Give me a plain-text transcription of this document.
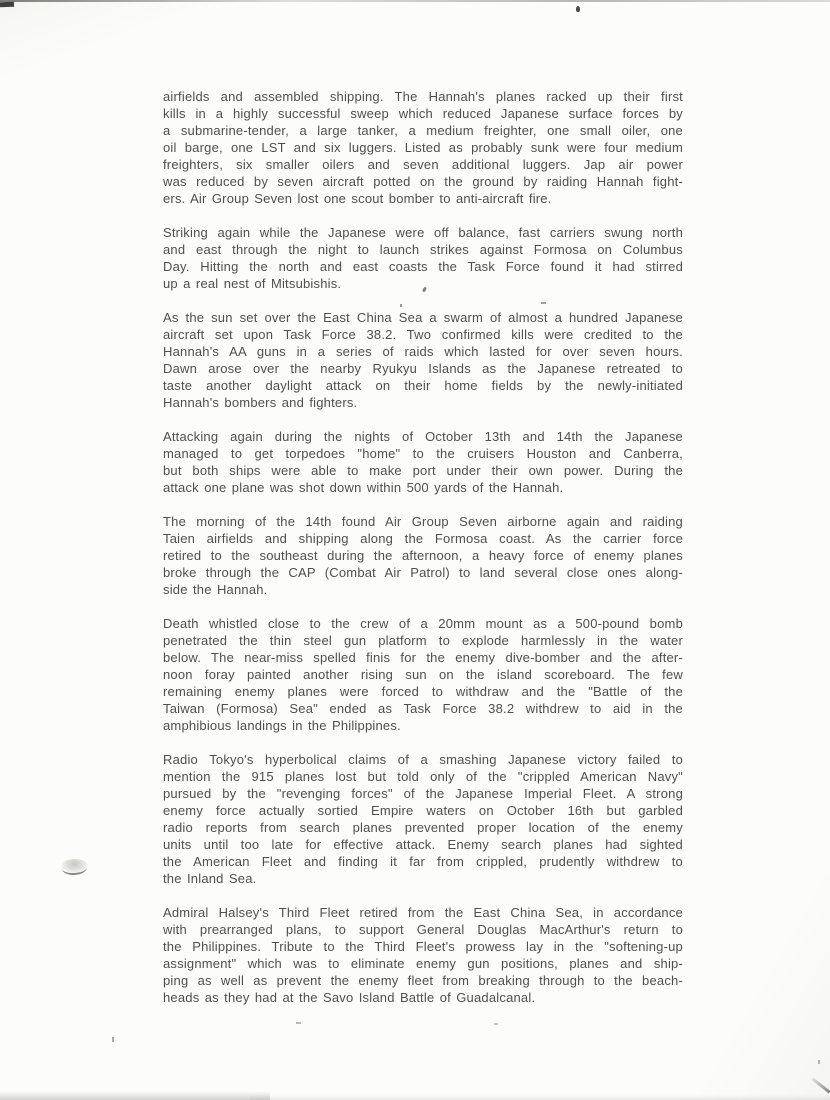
airfields and assembled shipping. The Hannah's planes racked up their first
kills in a highly successful sweep which reduced Japanese surface forces by
a submarine-tender, a large tanker, a medium freighter, one small oiler, one
oil barge, one LST and six luggers. Listed as probably sunk were four medium
freighters, six smaller oilers and seven additional luggers. Jap air power
was reduced by seven aircraft potted on the ground by raiding Hannah fight-
ers. Air Group Seven lost one scout bomber to anti-aircraft fire.

Striking again while the Japanese were off balance, fast carriers swung north
and east through the night to launch strikes against Formosa on Columbus
Day. Hitting the north and east coasts the Task Force found it had stirred
up a real nest of Mitsubishis.

As the sun set over the East China Sea a swarm of almost a hundred Japanese
aircraft set upon Task Force 38.2. Two confirmed kills were credited to the
Hannah's AA guns in a series of raids which lasted for over seven hours.
Dawn arose over the nearby Ryukyu Islands as the Japanese retreated to
taste another daylight attack on their home fields by the newly-initiated
Hannah's bombers and fighters.

Attacking again during the nights of October 13th and 14th the Japanese
managed to get torpedoes "home" to the cruisers Houston and Canberra,
but both ships were able to make port under their own power. During the
attack one plane was shot down within 500 yards of the Hannah.

The morning of the 14th found Air Group Seven airborne again and raiding
Taien airfields and shipping along the Formosa coast. As the carrier force
retired to the southeast during the afternoon, a heavy force of enemy planes
broke through the CAP (Combat Air Patrol) to land several close ones along-
side the Hannah.

Death whistled close to the crew of a 20mm mount as a 500-pound bomb
penetrated the thin steel gun platform to explode harmlessly in the water
below. The near-miss spelled finis for the enemy dive-bomber and the after-
noon foray painted another rising sun on the island scoreboard. The few
remaining enemy planes were forced to withdraw and the "Battle of the
Taiwan (Formosa) Sea" ended as Task Force 38.2 withdrew to aid in the
amphibious landings in the Philippines.

Radio Tokyo's hyperbolical claims of a smashing Japanese victory failed to
mention the 915 planes lost but told only of the "crippled American Navy"
pursued by the "revenging forces" of the Japanese Imperial Fleet. A strong
enemy force actually sortied Empire waters on October 16th but garbled
radio reports from search planes prevented proper location of the enemy
units until too late for effective attack. Enemy search planes had sighted
the American Fleet and finding it far from crippled, prudently withdrew to
the Inland Sea.

Admiral Halsey's Third Fleet retired from the East China Sea, in accordance
with prearranged plans, to support General Douglas MacArthur's return to
the Philippines. Tribute to the Third Fleet's prowess lay in the "softening-up
assignment" which was to eliminate enemy gun positions, planes and ship-
ping as well as prevent the enemy fleet from breaking through to the beach-
heads as they had at the Savo Island Battle of Guadalcanal.
